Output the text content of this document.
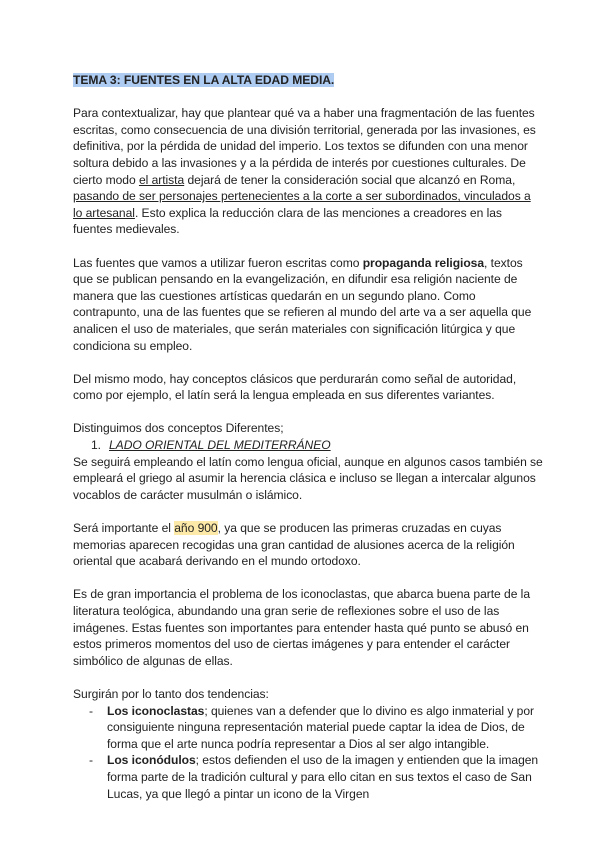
TEMA 3: FUENTES EN LA ALTA EDAD MEDIA.

Para contextualizar, hay que plantear qué va a haber una fragmentación de las fuentes escritas, como consecuencia de una división territorial, generada por las invasiones, es definitiva, por la pérdida de unidad del imperio. Los textos se difunden con una menor soltura debido a las invasiones y a la pérdida de interés por cuestiones culturales. De cierto modo el artista dejará de tener la consideración social que alcanzó en Roma, pasando de ser personajes pertenecientes a la corte a ser subordinados, vinculados a lo artesanal. Esto explica la reducción clara de las menciones a creadores en las fuentes medievales.

Las fuentes que vamos a utilizar fueron escritas como propaganda religiosa, textos que se publican pensando en la evangelización, en difundir esa religión naciente de manera que las cuestiones artísticas quedarán en un segundo plano. Como contrapunto, una de las fuentes que se refieren al mundo del arte va a ser aquella que analicen el uso de materiales, que serán materiales con significación litúrgica y que condiciona su empleo.

Del mismo modo, hay conceptos clásicos que perdurarán como señal de autoridad, como por ejemplo, el latín será la lengua empleada en sus diferentes variantes.

Distinguimos dos conceptos Diferentes;

1. LADO ORIENTAL DEL MEDITERRÁNEO

Se seguirá empleando el latín como lengua oficial, aunque en algunos casos también se empleará el griego al asumir la herencia clásica e incluso se llegan a intercalar algunos vocablos de carácter musulmán o islámico.

Será importante el año 900, ya que se producen las primeras cruzadas en cuyas memorias aparecen recogidas una gran cantidad de alusiones acerca de la religión oriental que acabará derivando en el mundo ortodoxo.

Es de gran importancia el problema de los iconoclastas, que abarca buena parte de la literatura teológica, abundando una gran serie de reflexiones sobre el uso de las imágenes. Estas fuentes son importantes para entender hasta qué punto se abusó en estos primeros momentos del uso de ciertas imágenes y para entender el carácter simbólico de algunas de ellas.

Surgirán por lo tanto dos tendencias:

- Los iconoclastas; quienes van a defender que lo divino es algo inmaterial y por consiguiente ninguna representación material puede captar la idea de Dios, de forma que el arte nunca podría representar a Dios al ser algo intangible.
- Los iconódulos; estos defienden el uso de la imagen y entienden que la imagen forma parte de la tradición cultural y para ello citan en sus textos el caso de San Lucas, ya que llegó a pintar un icono de la Virgen
